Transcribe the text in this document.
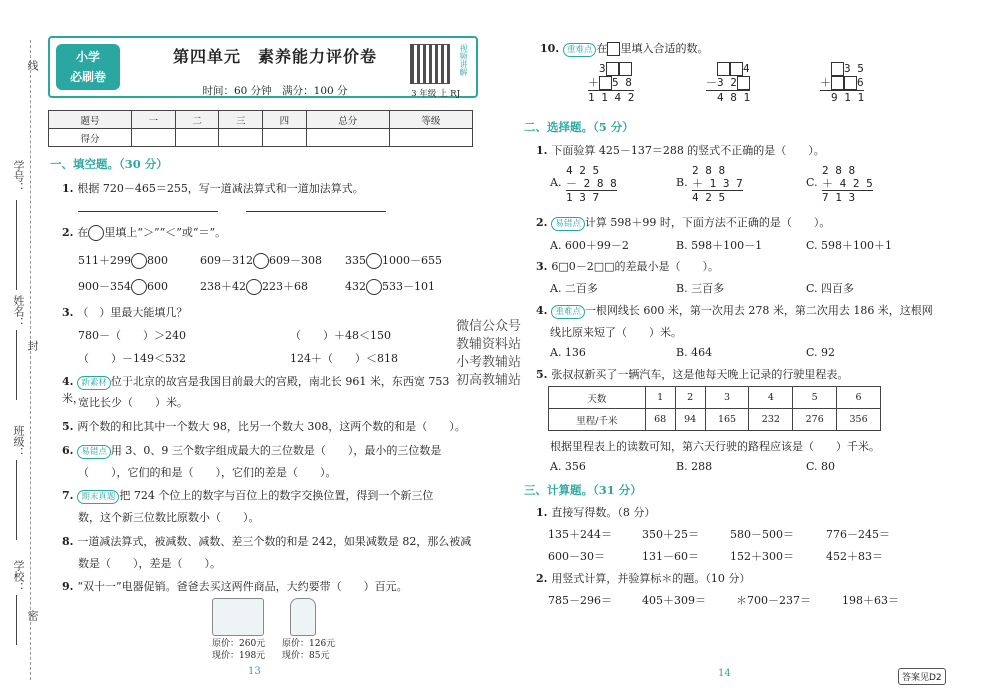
线
学号：
姓名：
封
班级：
学校：
密
小学
必刷卷
第四单元　素养能力评价卷
时间：60 分钟　满分：100 分
视频讲解
3 年级 上 RJ
题号	一	二	三	四	总分	等级
得分						
一、填空题。（30 分）
1. 根据 720－465＝255，写一道减法算式和一道加法算式。
2. 在 里填上“＞”“＜”或“＝”。
511＋299 800	609－312 609－308 335 1000－655
900－354 600	238＋42 223＋68	432 533－101
3. （　）里最大能填几？
780－（　　）＞240	（　　）＋48＜150
（　　）－149＜532	124＋（　　）＜818
4. 新素材 位于北京的故宫是我国目前最大的宫殿，南北长 961 米，东西宽 753 米，
宽比长少（　　）米。
5. 两个数的和比其中一个数大 98，比另一个数大 308，这两个数的和是（　　）。
6. 易错点 用 3、0、9 三个数字组成最大的三位数是（　　），最小的三位数是
（　　），它们的和是（　　），它们的差是（　　）。
7. 期末真题 把 724 个位上的数字与百位上的数字交换位置，得到一个新三位
数，这个新三位数比原数小（　　）。
8. 一道减法算式，被减数、减数、差三个数的和是 242，如果减数是 82，那么被减
数是（　　），差是（　　）。
9. “双十一”电器促销。爸爸去买这两件商品，大约要带（　　）百元。
原价：260元
现价：198元
原价：126元
现价：85元
13
微信公众号
教辅资料站
小考教辅站
初高教辅站
10. 重难点 在 里填入合适的数。
　3
＋ 5 8
1 1 4 2
　4
－3 2
　4 8 1
　3 5
＋ 6
　9 1 1
二、选择题。（5 分）
1. 下面验算 425－137＝288 的竖式不正确的是（　　）。
A.
4 2 5
－ 2 8 8
1 3 7
B.
2 8 8
＋ 1 3 7
4 2 5
C.
2 8 8
＋ 4 2 5
7 1 3
2. 易错点 计算 598＋99 时，下面方法不正确的是（　　）。
A. 600＋99－2	B. 598＋100－1	C. 598＋100＋1
3. 6□0－2□□的差最小是（　　）。
A. 二百多	B. 三百多	C. 四百多
4. 重难点 一根网线长 600 米，第一次用去 278 米，第二次用去 186 米，这根网
线比原来短了（　　）米。
A. 136	B. 464	C. 92
5. 张叔叔新买了一辆汽车，这是他每天晚上记录的行驶里程表。
天数	1	2	3	4	5	6
里程/千米	68	94	165	232	276	356
根据里程表上的读数可知，第六天行驶的路程应该是（　　）千米。
A. 356	B. 288	C. 80
三、计算题。（31 分）
1. 直接写得数。（8 分）
135＋244＝	350＋25＝	580－500＝	776－245＝
600－30＝	131－60＝	152＋300＝	452＋83＝
2. 用竖式计算，并验算标＊的题。（10 分）
785－296＝	405＋309＝	＊700－237＝	198＋63＝
14	答案见D2
